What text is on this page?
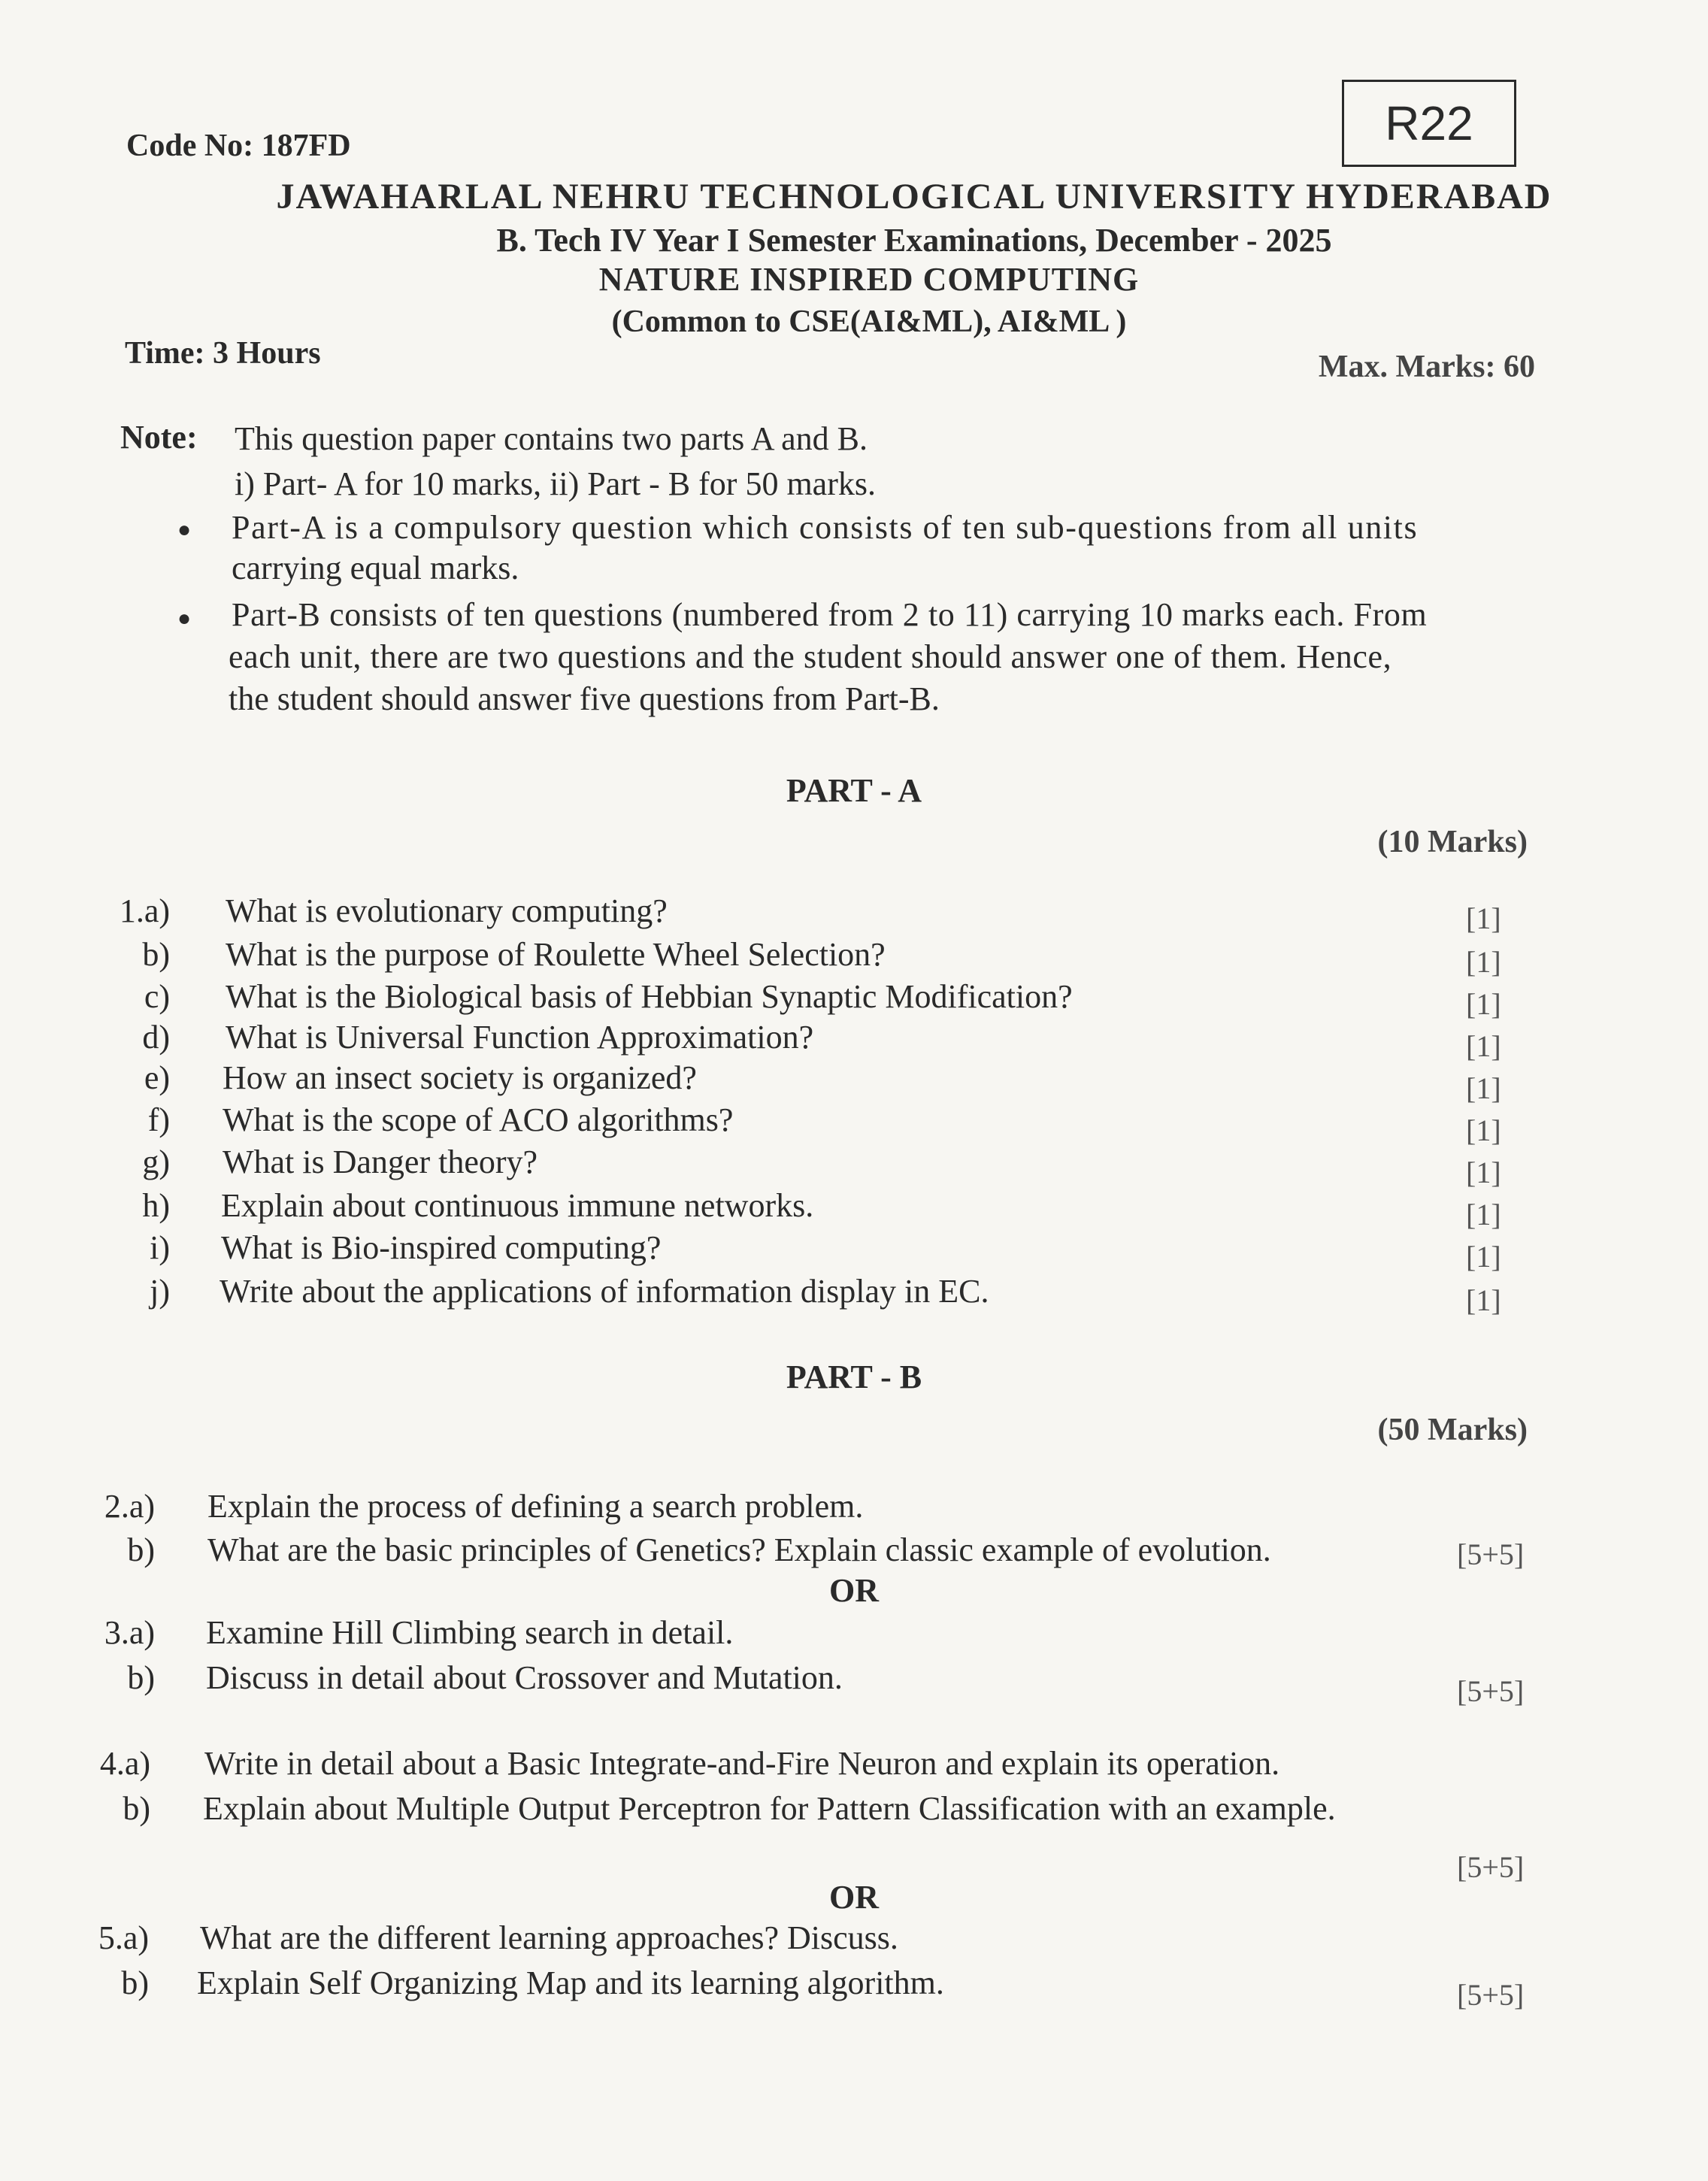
Code No: 187FD	R22
JAWAHARLAL NEHRU TECHNOLOGICAL UNIVERSITY HYDERABAD
B. Tech IV Year I Semester Examinations, December - 2025
NATURE INSPIRED COMPUTING
(Common to CSE(AI&ML), AI&ML )
Time: 3 Hours	Max. Marks: 60
Note: This question paper contains two parts A and B.
i) Part- A for 10 marks, ii) Part - B for 50 marks.
● Part-A is a compulsory question which consists of ten sub-questions from all units
carrying equal marks.
● Part-B consists of ten questions (numbered from 2 to 11) carrying 10 marks each. From
each unit, there are two questions and the student should answer one of them. Hence,
the student should answer five questions from Part-B.
PART - A
(10 Marks)
1.a) What is evolutionary computing?	[1]
b) What is the purpose of Roulette Wheel Selection?	[1]
c) What is the Biological basis of Hebbian Synaptic Modification?	[1]
d) What is Universal Function Approximation?	[1]
e) How an insect society is organized?	[1]
f) What is the scope of ACO algorithms?	[1]
g) What is Danger theory?	[1]
h) Explain about continuous immune networks.	[1]
i) What is Bio-inspired computing?	[1]
j) Write about the applications of information display in EC.	[1]
PART - B
(50 Marks)
2.a) Explain the process of defining a search problem.
b) What are the basic principles of Genetics? Explain classic example of evolution.	[5+5]
OR
3.a) Examine Hill Climbing search in detail.
b) Discuss in detail about Crossover and Mutation.	[5+5]
4.a) Write in detail about a Basic Integrate-and-Fire Neuron and explain its operation.
b) Explain about Multiple Output Perceptron for Pattern Classification with an example.
[5+5]
OR
5.a) What are the different learning approaches? Discuss.
b) Explain Self Organizing Map and its learning algorithm.	[5+5]
